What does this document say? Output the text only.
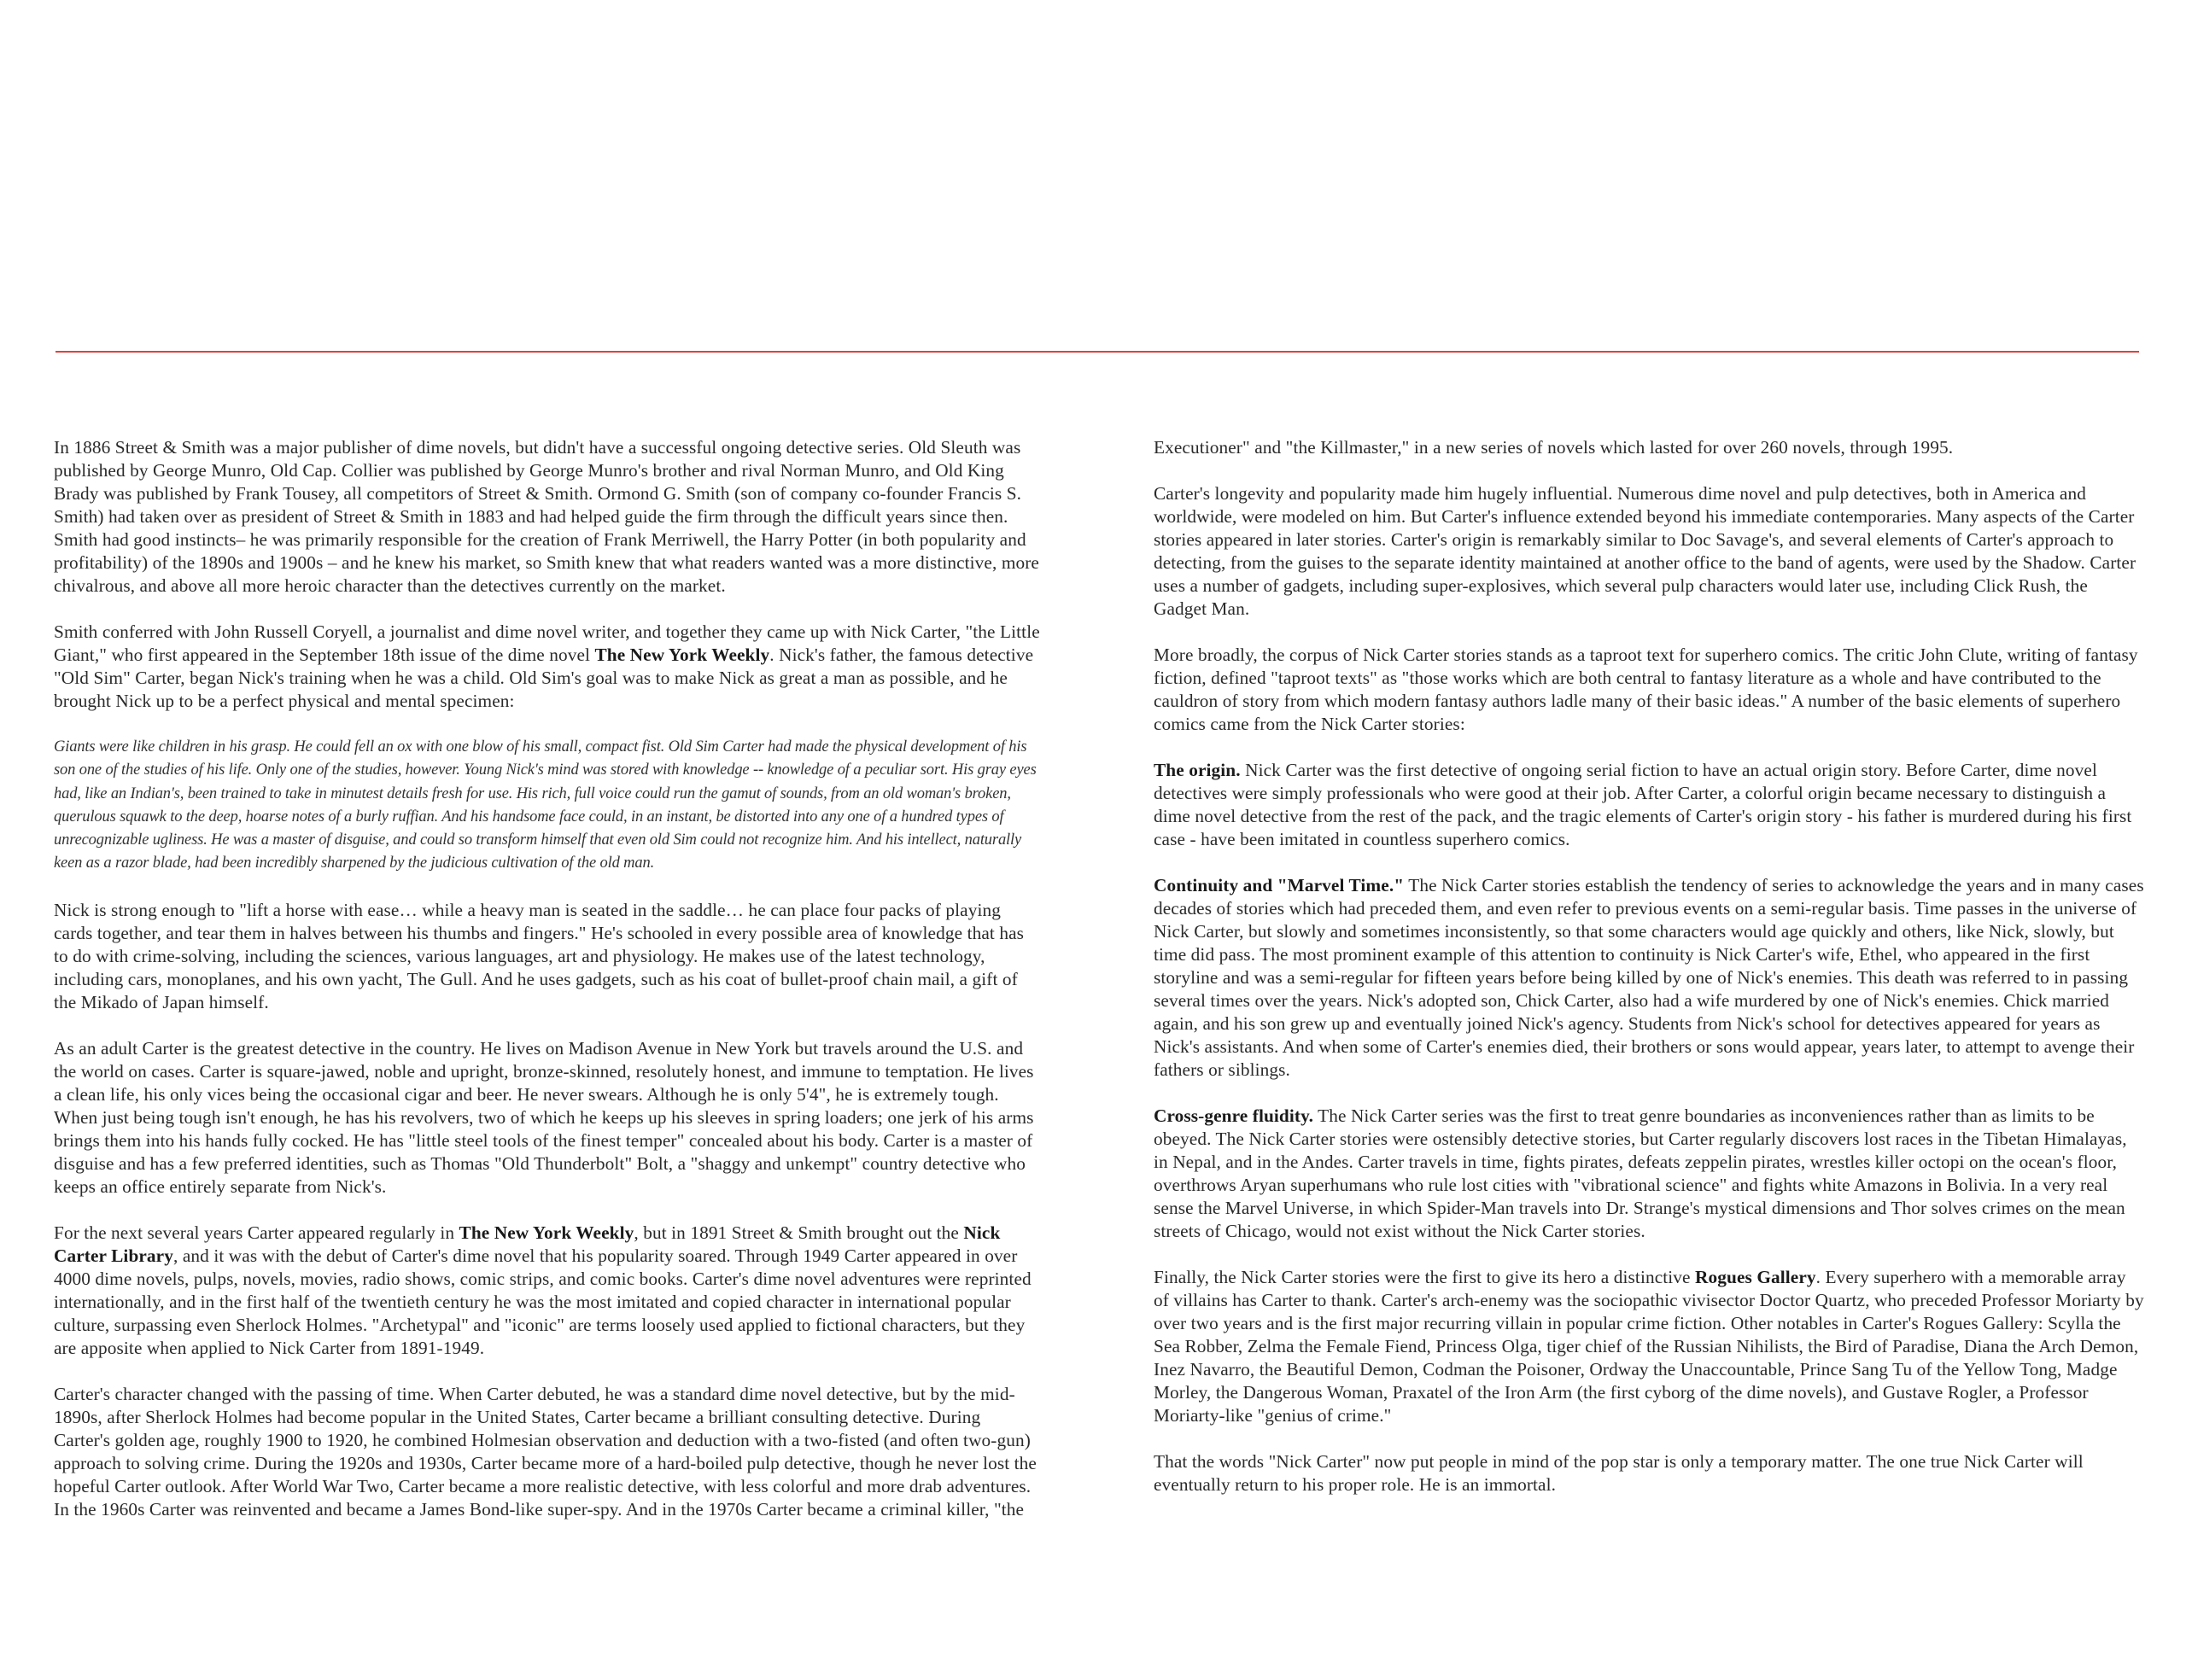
In 1886 Street & Smith was a major publisher of dime novels, but didn't have a successful ongoing detective series. Old Sleuth was published by George Munro, Old Cap. Collier was published by George Munro's brother and rival Norman Munro, and Old King Brady was published by Frank Tousey, all competitors of Street & Smith. Ormond G. Smith (son of company co-founder Francis S. Smith) had taken over as president of Street & Smith in 1883 and had helped guide the firm through the difficult years since then. Smith had good instincts– he was primarily responsible for the creation of Frank Merriwell, the Harry Potter (in both popularity and profitability) of the 1890s and 1900s – and he knew his market, so Smith knew that what readers wanted was a more distinctive, more chivalrous, and above all more heroic character than the detectives currently on the market.

Smith conferred with John Russell Coryell, a journalist and dime novel writer, and together they came up with Nick Carter, "the Little Giant," who first appeared in the September 18th issue of the dime novel The New York Weekly. Nick's father, the famous detective "Old Sim" Carter, began Nick's training when he was a child. Old Sim's goal was to make Nick as great a man as possible, and he brought Nick up to be a perfect physical and mental specimen:

Giants were like children in his grasp. He could fell an ox with one blow of his small, compact fist. Old Sim Carter had made the physical development of his son one of the studies of his life. Only one of the studies, however. Young Nick's mind was stored with knowledge -- knowledge of a peculiar sort. His gray eyes had, like an Indian's, been trained to take in minutest details fresh for use. His rich, full voice could run the gamut of sounds, from an old woman's broken, querulous squawk to the deep, hoarse notes of a burly ruffian. And his handsome face could, in an instant, be distorted into any one of a hundred types of unrecognizable ugliness. He was a master of disguise, and could so transform himself that even old Sim could not recognize him. And his intellect, naturally keen as a razor blade, had been incredibly sharpened by the judicious cultivation of the old man.

Nick is strong enough to "lift a horse with ease… while a heavy man is seated in the saddle… he can place four packs of playing cards together, and tear them in halves between his thumbs and fingers." He's schooled in every possible area of knowledge that has to do with crime-solving, including the sciences, various languages, art and physiology. He makes use of the latest technology, including cars, monoplanes, and his own yacht, The Gull. And he uses gadgets, such as his coat of bullet-proof chain mail, a gift of the Mikado of Japan himself.

As an adult Carter is the greatest detective in the country. He lives on Madison Avenue in New York but travels around the U.S. and the world on cases. Carter is square-jawed, noble and upright, bronze-skinned, resolutely honest, and immune to temptation. He lives a clean life, his only vices being the occasional cigar and beer. He never swears. Although he is only 5'4", he is extremely tough. When just being tough isn't enough, he has his revolvers, two of which he keeps up his sleeves in spring loaders; one jerk of his arms brings them into his hands fully cocked. He has "little steel tools of the finest temper" concealed about his body. Carter is a master of disguise and has a few preferred identities, such as Thomas "Old Thunderbolt" Bolt, a "shaggy and unkempt" country detective who keeps an office entirely separate from Nick's.

For the next several years Carter appeared regularly in The New York Weekly, but in 1891 Street & Smith brought out the Nick Carter Library, and it was with the debut of Carter's dime novel that his popularity soared. Through 1949 Carter appeared in over 4000 dime novels, pulps, novels, movies, radio shows, comic strips, and comic books. Carter's dime novel adventures were reprinted internationally, and in the first half of the twentieth century he was the most imitated and copied character in international popular culture, surpassing even Sherlock Holmes. "Archetypal" and "iconic" are terms loosely used applied to fictional characters, but they are apposite when applied to Nick Carter from 1891-1949.

Carter's character changed with the passing of time. When Carter debuted, he was a standard dime novel detective, but by the mid-1890s, after Sherlock Holmes had become popular in the United States, Carter became a brilliant consulting detective. During Carter's golden age, roughly 1900 to 1920, he combined Holmesian observation and deduction with a two-fisted (and often two-gun) approach to solving crime. During the 1920s and 1930s, Carter became more of a hard-boiled pulp detective, though he never lost the hopeful Carter outlook. After World War Two, Carter became a more realistic detective, with less colorful and more drab adventures. In the 1960s Carter was reinvented and became a James Bond-like super-spy. And in the 1970s Carter became a criminal killer, "the

Executioner" and "the Killmaster," in a new series of novels which lasted for over 260 novels, through 1995.

Carter's longevity and popularity made him hugely influential. Numerous dime novel and pulp detectives, both in America and worldwide, were modeled on him. But Carter's influence extended beyond his immediate contemporaries. Many aspects of the Carter stories appeared in later stories. Carter's origin is remarkably similar to Doc Savage's, and several elements of Carter's approach to detecting, from the guises to the separate identity maintained at another office to the band of agents, were used by the Shadow. Carter uses a number of gadgets, including super-explosives, which several pulp characters would later use, including Click Rush, the Gadget Man.

More broadly, the corpus of Nick Carter stories stands as a taproot text for superhero comics. The critic John Clute, writing of fantasy fiction, defined "taproot texts" as "those works which are both central to fantasy literature as a whole and have contributed to the cauldron of story from which modern fantasy authors ladle many of their basic ideas." A number of the basic elements of superhero comics came from the Nick Carter stories:

The origin. Nick Carter was the first detective of ongoing serial fiction to have an actual origin story. Before Carter, dime novel detectives were simply professionals who were good at their job. After Carter, a colorful origin became necessary to distinguish a dime novel detective from the rest of the pack, and the tragic elements of Carter's origin story - his father is murdered during his first case - have been imitated in countless superhero comics.

Continuity and "Marvel Time." The Nick Carter stories establish the tendency of series to acknowledge the years and in many cases decades of stories which had preceded them, and even refer to previous events on a semi-regular basis. Time passes in the universe of Nick Carter, but slowly and sometimes inconsistently, so that some characters would age quickly and others, like Nick, slowly, but time did pass. The most prominent example of this attention to continuity is Nick Carter's wife, Ethel, who appeared in the first storyline and was a semi-regular for fifteen years before being killed by one of Nick's enemies. This death was referred to in passing several times over the years. Nick's adopted son, Chick Carter, also had a wife murdered by one of Nick's enemies. Chick married again, and his son grew up and eventually joined Nick's agency. Students from Nick's school for detectives appeared for years as Nick's assistants. And when some of Carter's enemies died, their brothers or sons would appear, years later, to attempt to avenge their fathers or siblings.

Cross-genre fluidity. The Nick Carter series was the first to treat genre boundaries as inconveniences rather than as limits to be obeyed. The Nick Carter stories were ostensibly detective stories, but Carter regularly discovers lost races in the Tibetan Himalayas, in Nepal, and in the Andes. Carter travels in time, fights pirates, defeats zeppelin pirates, wrestles killer octopi on the ocean's floor, overthrows Aryan superhumans who rule lost cities with "vibrational science" and fights white Amazons in Bolivia. In a very real sense the Marvel Universe, in which Spider-Man travels into Dr. Strange's mystical dimensions and Thor solves crimes on the mean streets of Chicago, would not exist without the Nick Carter stories.

Finally, the Nick Carter stories were the first to give its hero a distinctive Rogues Gallery. Every superhero with a memorable array of villains has Carter to thank. Carter's arch-enemy was the sociopathic vivisector Doctor Quartz, who preceded Professor Moriarty by over two years and is the first major recurring villain in popular crime fiction. Other notables in Carter's Rogues Gallery: Scylla the Sea Robber, Zelma the Female Fiend, Princess Olga, tiger chief of the Russian Nihilists, the Bird of Paradise, Diana the Arch Demon, Inez Navarro, the Beautiful Demon, Codman the Poisoner, Ordway the Unaccountable, Prince Sang Tu of the Yellow Tong, Madge Morley, the Dangerous Woman, Praxatel of the Iron Arm (the first cyborg of the dime novels), and Gustave Rogler, a Professor Moriarty-like "genius of crime."

That the words "Nick Carter" now put people in mind of the pop star is only a temporary matter. The one true Nick Carter will eventually return to his proper role. He is an immortal.
